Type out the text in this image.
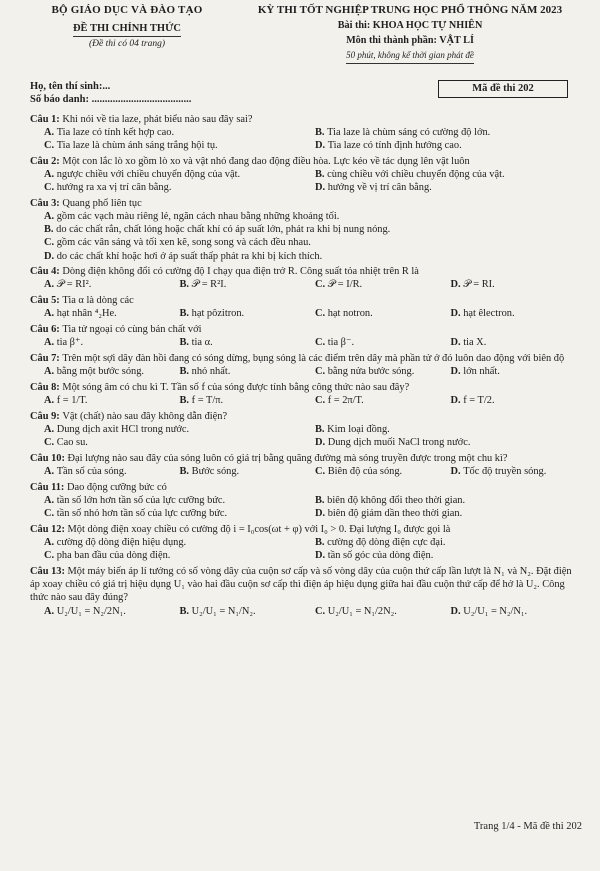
BỘ GIÁO DỤC VÀ ĐÀO TẠO
ĐỀ THI CHÍNH THỨC
(Đề thi có 04 trang)
KỲ THI TỐT NGHIỆP TRUNG HỌC PHỔ THÔNG NĂM 2023
Bài thi: KHOA HỌC TỰ NHIÊN
Môn thi thành phần: VẬT LÍ
50 phút, không kể thời gian phát đề
Họ, tên thí sinh:...
Số báo danh: ......................................
Mã đề thi 202
Câu 1: Khi nói về tia laze, phát biểu nào sau đây sai?
A. Tia laze có tính kết hợp cao.	B. Tia laze là chùm sáng có cường độ lớn.
C. Tia laze là chùm ánh sáng trắng hội tụ.	D. Tia laze có tính định hướng cao.
Câu 2: Một con lắc lò xo gồm lò xo và vật nhỏ đang dao động điều hòa. Lực kéo về tác dụng lên vật luôn
A. ngược chiều với chiều chuyển động của vật.	B. cùng chiều với chiều chuyển động của vật.
C. hướng ra xa vị trí cân bằng.	D. hướng về vị trí cân bằng.
Câu 3: Quang phổ liên tục
A. gồm các vạch màu riêng lẻ, ngăn cách nhau bằng những khoảng tối.
B. do các chất rắn, chất lỏng hoặc chất khí có áp suất lớn, phát ra khi bị nung nóng.
C. gồm các vân sáng và tối xen kẽ, song song và cách đều nhau.
D. do các chất khí hoặc hơi ở áp suất thấp phát ra khi bị kích thích.
Câu 4: Dòng điện không đổi có cường độ I chạy qua điện trở R. Công suất tỏa nhiệt trên R là
A. 𝒫 = RI².	B. 𝒫 = R²I.	C. 𝒫 = I/R.	D. 𝒫 = RI.
Câu 5: Tia α là dòng các
A. hạt nhân ⁴₂He.	B. hạt pôzitron.	C. hạt notron.	D. hạt êlectron.
Câu 6: Tia tử ngoại có cùng bản chất với
A. tia β⁺.	B. tia α.	C. tia β⁻.	D. tia X.
Câu 7: Trên một sợi dây đàn hồi đang có sóng dừng, bụng sóng là các điểm trên dây mà phần tử ở đó luôn dao động với biên độ
A. bằng một bước sóng.	B. nhỏ nhất.	C. bằng nửa bước sóng.	D. lớn nhất.
Câu 8: Một sóng âm có chu kì T. Tần số f của sóng được tính bằng công thức nào sau đây?
A. f = 1/T.	B. f = T/π.	C. f = 2π/T.	D. f = T/2.
Câu 9: Vật (chất) nào sau đây không dẫn điện?
A. Dung dịch axit HCl trong nước.	B. Kim loại đồng.
C. Cao su.	D. Dung dịch muối NaCl trong nước.
Câu 10: Đại lượng nào sau đây của sóng luôn có giá trị bằng quãng đường mà sóng truyền được trong một chu kì?
A. Tần số của sóng.	B. Bước sóng.	C. Biên độ của sóng.	D. Tốc độ truyền sóng.
Câu 11: Dao động cưỡng bức có
A. tần số lớn hơn tần số của lực cưỡng bức.	B. biên độ không đổi theo thời gian.
C. tần số nhỏ hơn tần số của lực cưỡng bức.	D. biên độ giảm dần theo thời gian.
Câu 12: Một dòng điện xoay chiều có cường độ i = I₀cos(ωt + φ) với I₀ > 0. Đại lượng I₀ được gọi là
A. cường độ dòng điện hiệu dụng.	B. cường độ dòng điện cực đại.
C. pha ban đầu của dòng điện.	D. tần số góc của dòng điện.
Câu 13: Một máy biến áp lí tưởng có số vòng dây của cuộn sơ cấp và số vòng dây của cuộn thứ cấp lần lượt là N₁ và N₂. Đặt điện áp xoay chiều có giá trị hiệu dụng U₁ vào hai đầu cuộn sơ cấp thì điện áp hiệu dụng giữa hai đầu cuộn thứ cấp để hở là U₂. Công thức nào sau đây đúng?
A. U₂/U₁ = N₂/2N₁.	B. U₂/U₁ = N₁/N₂.	C. U₂/U₁ = N₁/2N₂.	D. U₂/U₁ = N₂/N₁.
Trang 1/4 - Mã đề thi 202
